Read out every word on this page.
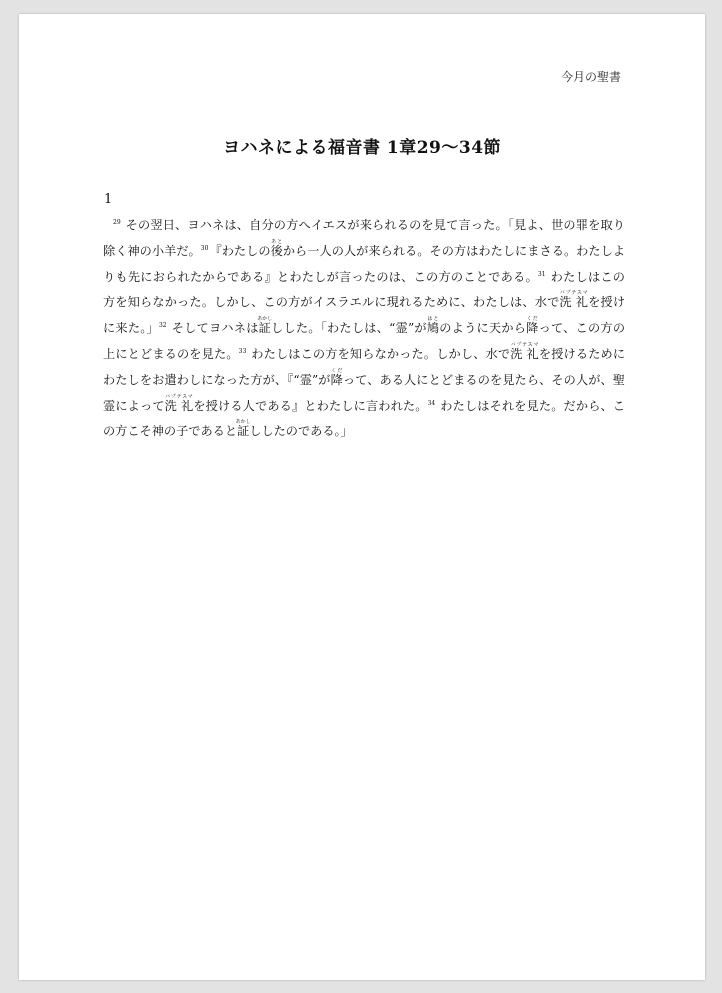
今月の聖書
ヨハネによる福音書 1章29〜34節
1
$^{29}$ その翌日、ヨハネは、自分の方へイエスが来られるのを見て言った。「見よ、世の罪を取り除く神の小羊だ。$^{30}$『わたしの後あとから一人の人が来られる。その方はわたしにまさる。わたしよりも先におられたからである』とわたしが言ったのは、この方のことである。$^{31}$ わたしはこの方を知らなかった。しかし、この方がイスラエルに現れるために、わたしは、水で洗 礼バプテスマを授けに来た。」$^{32}$ そしてヨハネは証あかししした。「わたしは、“霊”が鳩はとのように天から降くだって、この方の上にとどまるのを見た。$^{33}$ わたしはこの方を知らなかった。しかし、水で洗 礼バプテスマを授けるためにわたしをお遣わしになった方が、『“霊”が降くだって、ある人にとどまるのを見たら、その人が、聖霊によって洗 礼バプテスマを授ける人である』とわたしに言われた。$^{34}$ わたしはそれを見た。だから、この方こそ神の子であると証あかしししたのである。」
